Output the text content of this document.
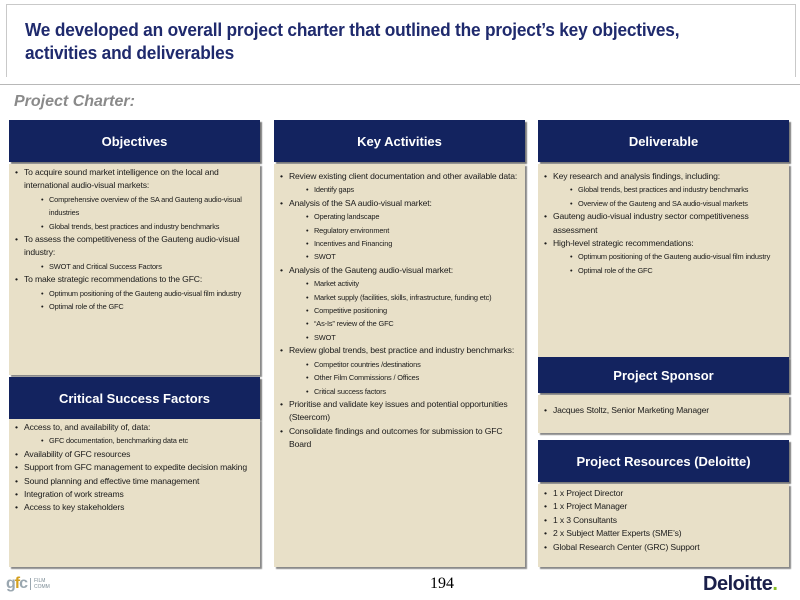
We developed an overall project charter that outlined the project’s key objectives, activities and deliverables
Project Charter:
Objectives
• To acquire sound market intelligence on the local and international audio-visual markets:
• Comprehensive overview of the SA and Gauteng audio-visual industries
• Global trends, best practices and industry benchmarks
• To assess the competitiveness of the Gauteng audio-visual industry:
• SWOT and Critical Success Factors
• To make strategic recommendations to the GFC:
• Optimum positioning of the Gauteng audio-visual film industry
• Optimal role of the GFC
Critical Success Factors
• Access to, and availability of, data:
• GFC documentation, benchmarking data etc
• Availability of GFC resources
• Support from GFC management to expedite decision making
• Sound planning and effective time management
• Integration of work streams
• Access to key stakeholders
Key Activities
• Review existing client documentation and other available data:
• Identify gaps
• Analysis of the SA audio-visual market:
• Operating landscape
• Regulatory environment
• Incentives and Financing
• SWOT
• Analysis of the Gauteng audio-visual market:
• Market activity
• Market supply (facilities, skills, infrastructure, funding etc)
• Competitive positioning
• “As-Is” review of the GFC
• SWOT
• Review global trends, best practice and industry benchmarks:
• Competitor countries /destinations
• Other Film Commissions / Offices
• Critical success factors
• Prioritise and validate key issues and potential opportunities (Steercom)
• Consolidate findings and outcomes for submission to GFC Board
Deliverable
• Key research and analysis findings, including:
• Global trends, best practices and industry benchmarks
• Overview of the Gauteng and SA audio-visual markets
• Gauteng audio-visual industry sector competitiveness assessment
• High-level strategic recommendations:
• Optimum positioning of the Gauteng audio-visual film industry
• Optimal role of the GFC
Project Sponsor
• Jacques Stoltz, Senior Marketing Manager
Project Resources (Deloitte)
• 1 x Project Director
• 1 x Project Manager
• 1 x 3 Consultants
• 2 x Subject Matter Experts (SME’s)
• Global Research Center (GRC) Support
gfc	FILM
COMM	194	Deloitte.
